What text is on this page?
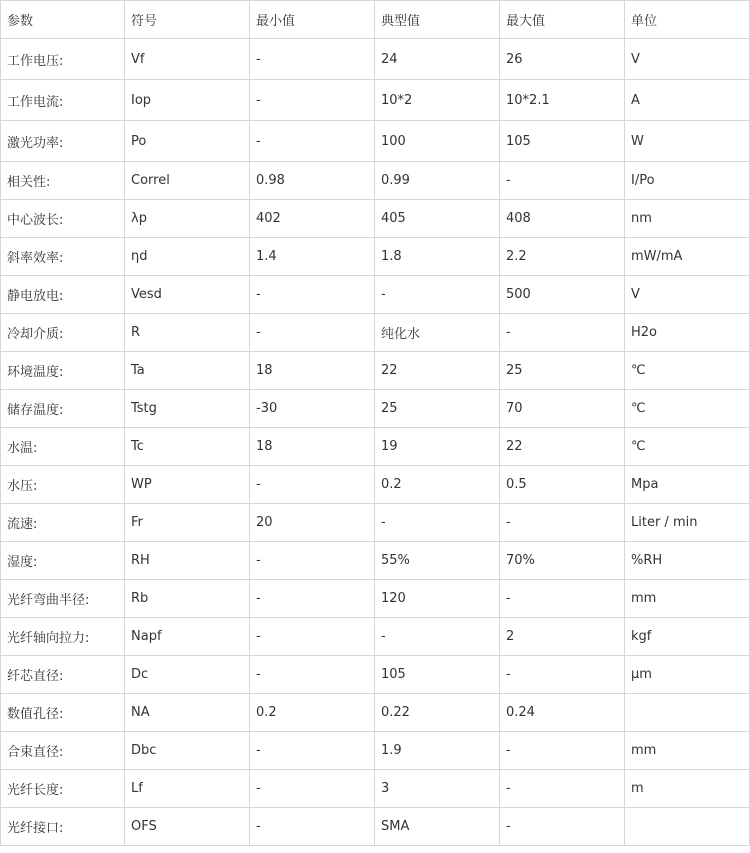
参数	符号	最小值	典型值	最大值	单位
工作电压:	Vf	-	24	26	V
工作电流:	Iop	-	10*2	10*2.1	A
激光功率:	Po	-	100	105	W
相关性:	Correl	0.98	0.99	-	I/Po
中心波长:	λp	402	405	408	nm
斜率效率:	ηd	1.4	1.8	2.2	mW/mA
静电放电:	Vesd	-	-	500	V
冷却介质:	R	-	纯化水	-	H2o
环境温度:	Ta	18	22	25	℃
储存温度:	Tstg	-30	25	70	℃
水温:	Tc	18	19	22	℃
水压:	WP	-	0.2	0.5	Mpa
流速:	Fr	20	-	-	Liter / min
湿度:	RH	-	55%	70%	%RH
光纤弯曲半径:	Rb	-	120	-	mm
光纤轴向拉力:	Napf	-	-	2	kgf
纤芯直径:	Dc	-	105	-	μm
数值孔径:	NA	0.2	0.22	0.24	
合束直径:	Dbc	-	1.9	-	mm
光纤长度:	Lf	-	3	-	m
光纤接口:	OFS	-	SMA	-	
